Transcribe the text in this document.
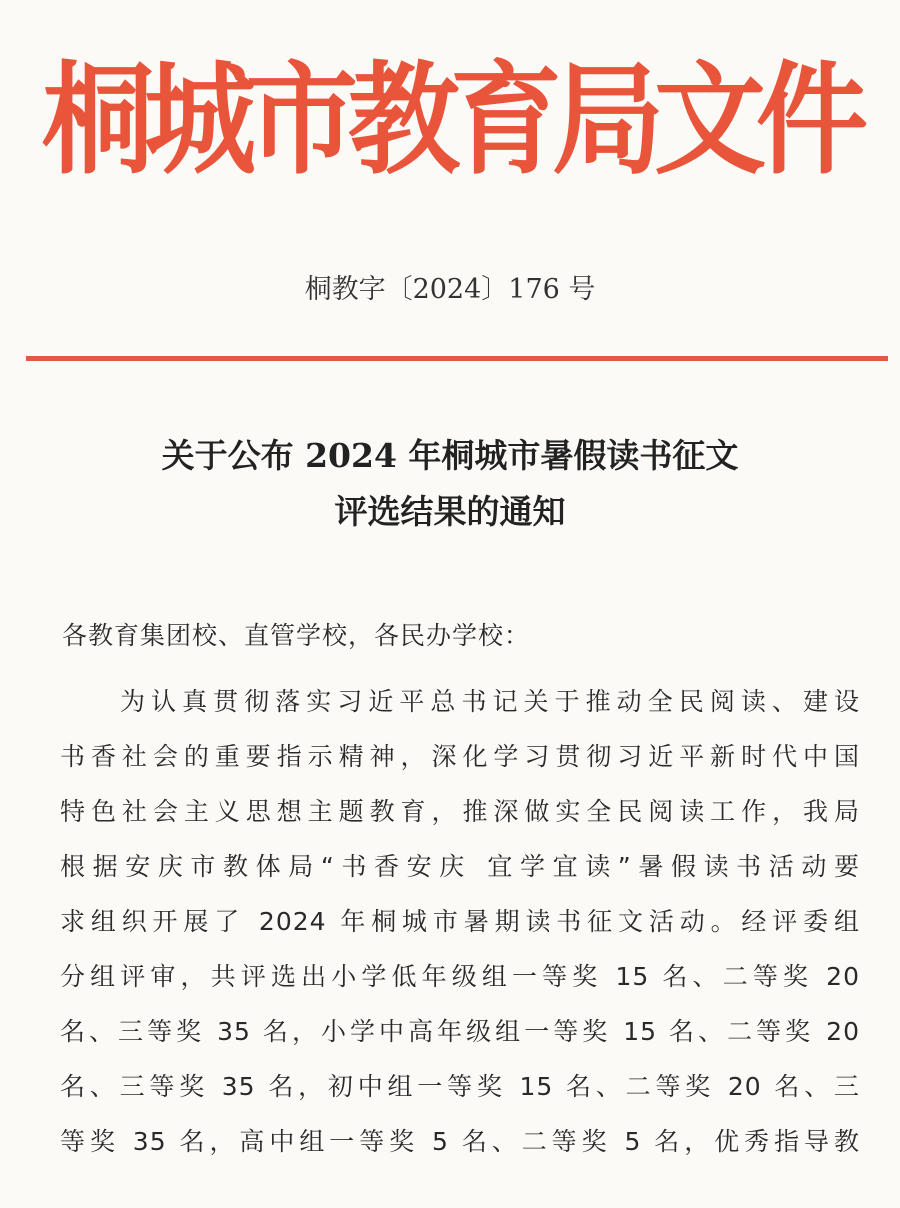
桐城市教育局文件
桐教字〔2024〕176 号
关于公布 2024 年桐城市暑假读书征文
评选结果的通知
各教育集团校、直管学校，各民办学校：
为认真贯彻落实习近平总书记关于推动全民阅读、建设
书香社会的重要指示精神，深化学习贯彻习近平新时代中国
特色社会主义思想主题教育，推深做实全民阅读工作，我局
根据安庆市教体局“书香安庆 宜学宜读”暑假读书活动要
求组织开展了 2024 年桐城市暑期读书征文活动。经评委组
分组评审，共评选出小学低年级组一等奖 15 名、二等奖 20
名、三等奖 35 名，小学中高年级组一等奖 15 名、二等奖 20
名、三等奖 35 名，初中组一等奖 15 名、二等奖 20 名、三
等奖 35 名，高中组一等奖 5 名、二等奖 5 名，优秀指导教
